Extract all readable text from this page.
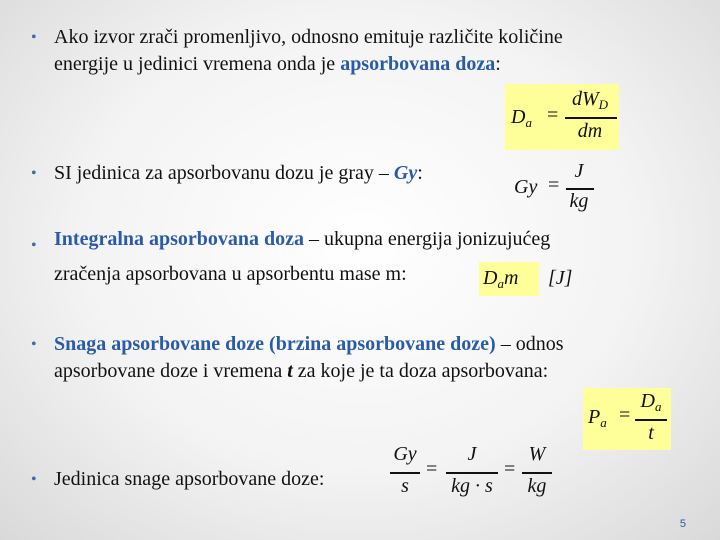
• Ako izvor zrači promenljivo, odnosno emituje različite količine
energije u jedinici vremena onda je apsorbovana doza:
$D_a$ =
$dW_D$
dm
• SI jedinica za apsorbovanu dozu je gray – Gy:
Gy =
J
kg
• Integralna apsorbovana doza – ukupna energija jonizujućeg
zračenja apsorbovana u apsorbentu mase m:	$D_am$ [J]
• Snaga apsorbovane doze (brzina apsorbovane doze) – odnos
apsorbovane doze i vremena t za koje je ta doza apsorbovana:
$P_a$ =
$D_a$
t
• Jedinica snage apsorbovane doze:
Gy
s
=
J
kg · s
=
W
kg
5
